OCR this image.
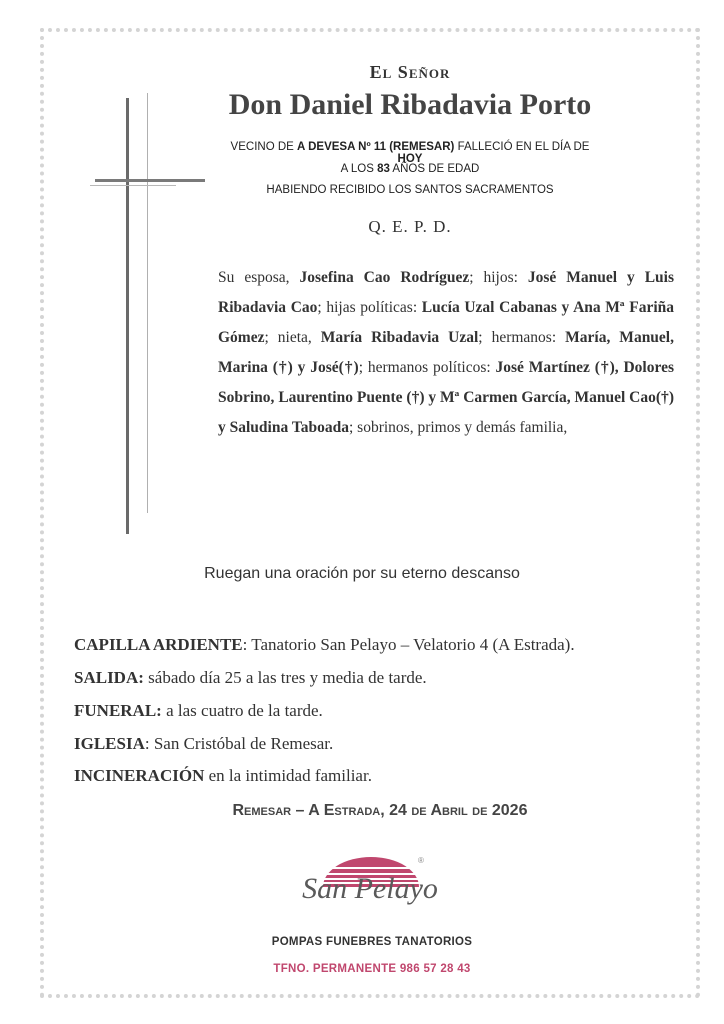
El Señor
Don Daniel Ribadavia Porto
VECINO DE A DEVESA Nº 11 (REMESAR) FALLECIÓ EN EL DÍA DE HOY
A LOS 83 AÑOS DE EDAD
HABIENDO RECIBIDO LOS SANTOS SACRAMENTOS
Q. E. P. D.
Su esposa, Josefina Cao Rodríguez; hijos: José Manuel y Luis Ribadavia Cao; hijas políticas: Lucía Uzal Cabanas y Ana Mª Fariña Gómez; nieta, María Ribadavia Uzal; hermanos: María, Manuel, Marina (†) y José(†); hermanos políticos: José Martínez (†), Dolores Sobrino, Laurentino Puente (†) y Mª Carmen García, Manuel Cao(†) y Saludina Taboada; sobrinos, primos y demás familia,
Ruegan una oración por su eterno descanso
CAPILLA ARDIENTE: Tanatorio San Pelayo – Velatorio 4 (A Estrada).
SALIDA: sábado día 25 a las tres y media de tarde.
FUNERAL: a las cuatro de la tarde.
IGLESIA: San Cristóbal de Remesar.
INCINERACIÓN en la intimidad familiar.
Remesar – A Estrada, 24 de Abril de 2026
San Pelayo
®
POMPAS FUNEBRES TANATORIOS
TFNO. PERMANENTE 986 57 28 43
